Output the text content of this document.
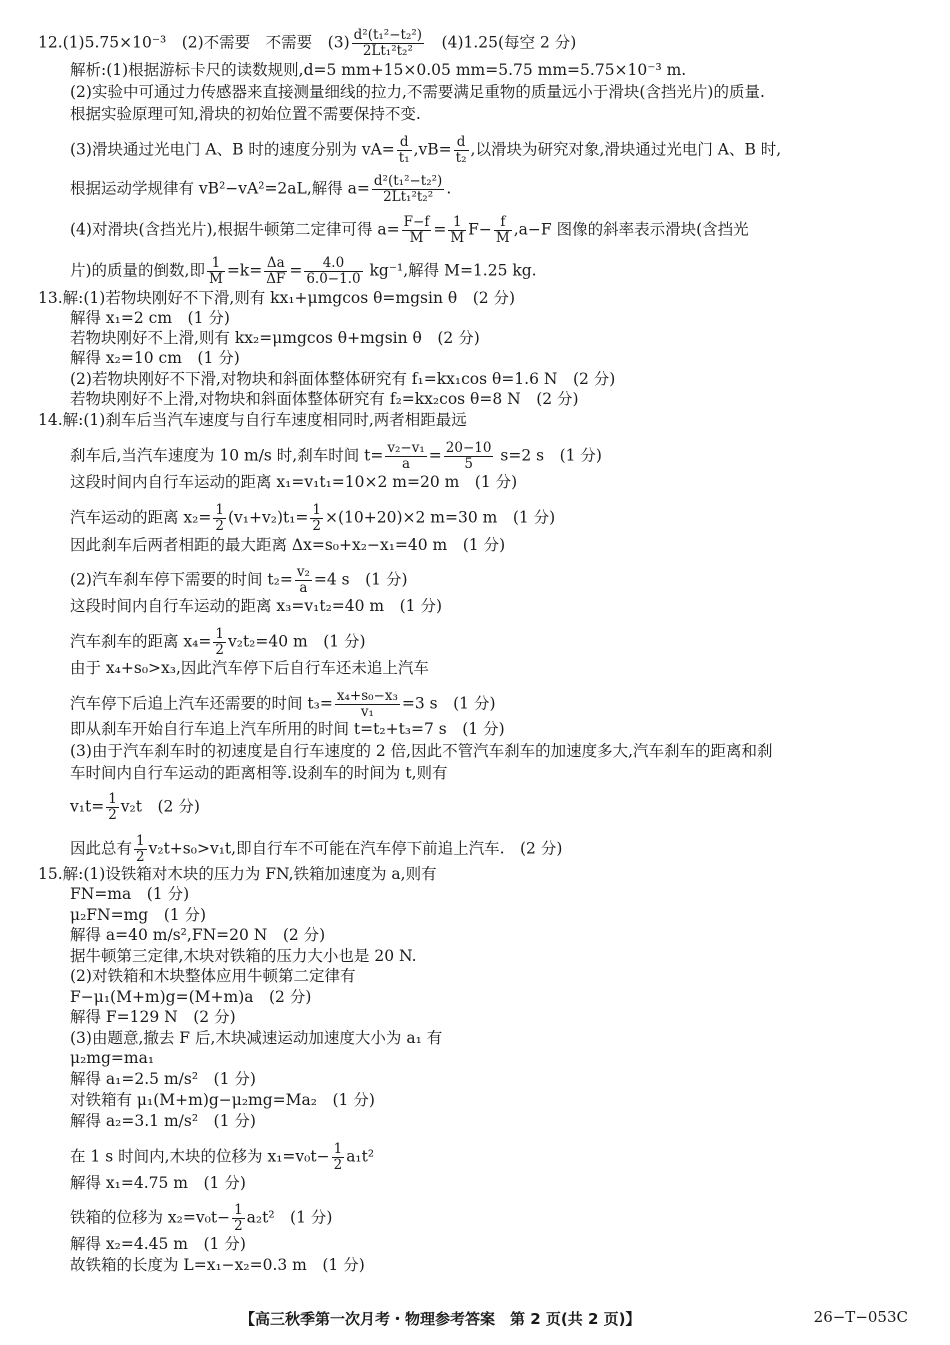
12.(1)5.75×10⁻³　(2)不需要　不需要　$(3) \frac{\text{d²(t₁²−t₂²)}}{\text{2Lt₁²t₂²}}$ 　(4)1.25(每空 2 分)
解析:(1)根据游标卡尺的读数规则,d=5 mm+15×0.05 mm=5.75 mm=5.75×10⁻³ m.
(2)实验中可通过力传感器来直接测量细线的拉力,不需要满足重物的质量远小于滑块(含挡光片)的质量.
根据实验原理可知,滑块的初始位置不需要保持不变.
(3)滑块通过光电门 A、B 时的速度分别为 $vA= \frac{d}{\text{t₁}} ,vB= \frac{d}{\text{t₂}}$ ,以滑块为研究对象,滑块通过光电门 A、B 时,
根据运动学规律有 vB²−vA²=2aL,解得 $a= \frac{\text{d²(t₁²−t₂²)}}{\text{2Lt₁²t₂²}}$ .
(4)对滑块(含挡光片),根据牛顿第二定律可得 $a= \frac{F-f}{M} = \frac{1}{M} F- \frac{f}{M} ,a-F$ 图像的斜率表示滑块(含挡光
片)的质量的倒数,即 $\frac{1}{M} =k= \frac{\Delta a}{\Delta F} = \frac{4.0}{6.0-1.0} kg^{-1}$,解得 M=1.25 kg.
13.解:(1)若物块刚好不下滑,则有 kx₁+μmgcos θ=mgsin θ　(2 分)
解得 x₁=2 cm　(1 分)
若物块刚好不上滑,则有 kx₂=μmgcos θ+mgsin θ　(2 分)
解得 x₂=10 cm　(1 分)
(2)若物块刚好不下滑,对物块和斜面体整体研究有 f₁=kx₁cos θ=1.6 N　(2 分)
若物块刚好不上滑,对物块和斜面体整体研究有 f₂=kx₂cos θ=8 N　(2 分)
14.解:(1)刹车后当汽车速度与自行车速度相同时,两者相距最远
刹车后,当汽车速度为 10 m/s 时,刹车时间 $t= \frac{\text{v₂−v₁}}{a} = \frac{20-10}{5} s=2$ s　(1 分)
这段时间内自行车运动的距离 x₁=v₁t₁=10×2 m=20 m　(1 分)
汽车运动的距离 $x_2= \frac{1}{2} (v_1+v_2)t_1= \frac{1}{2} \times(10+20)\times 2$ m=30 m　(1 分)
因此刹车后两者相距的最大距离 Δx=s₀+x₂−x₁=40 m　(1 分)
(2)汽车刹车停下需要的时间 $t_2= \frac{\text{v₂}}{a} =4$ s　(1 分)
这段时间内自行车运动的距离 x₃=v₁t₂=40 m　(1 分)
汽车刹车的距离 $x_4= \frac{1}{2} v_2t_2=40$ m　(1 分)
由于 x₄+s₀>x₃,因此汽车停下后自行车还未追上汽车
汽车停下后追上汽车还需要的时间 $t_3= \frac{\text{x₄+s₀−x₃}}{\text{v₁}} =3$ s　(1 分)
即从刹车开始自行车追上汽车所用的时间 t=t₂+t₃=7 s　(1 分)
(3)由于汽车刹车时的初速度是自行车速度的 2 倍,因此不管汽车刹车的加速度多大,汽车刹车的距离和刹
车时间内自行车运动的距离相等.设刹车的时间为 t,则有
$v_1t= \frac{1}{2} v_2t$　(2 分)
因此总有 $\frac{1}{2} v_2t+s_0>v_1t$,即自行车不可能在汽车停下前追上汽车.　(2 分)
15.解:(1)设铁箱对木块的压力为 FN,铁箱加速度为 a,则有
FN=ma　(1 分)
μ₂FN=mg　(1 分)
解得 a=40 m/s²,FN=20 N　(2 分)
据牛顿第三定律,木块对铁箱的压力大小也是 20 N.
(2)对铁箱和木块整体应用牛顿第二定律有
F−μ₁(M+m)g=(M+m)a　(2 分)
解得 F=129 N　(2 分)
(3)由题意,撤去 F 后,木块减速运动加速度大小为 a₁ 有
μ₂mg=ma₁
解得 a₁=2.5 m/s²　(1 分)
对铁箱有 μ₁(M+m)g−μ₂mg=Ma₂　(1 分)
解得 a₂=3.1 m/s²　(1 分)
在 1 s 时间内,木块的位移为 $x_1=v_0t- \frac{1}{2} a_1t^2$
解得 x₁=4.75 m　(1 分)
铁箱的位移为 $x_2=v_0t- \frac{1}{2} a_2t^2$　(1 分)
解得 x₂=4.45 m　(1 分)
故铁箱的长度为 L=x₁−x₂=0.3 m　(1 分)
【高三秋季第一次月考・物理参考答案　第 2 页(共 2 页)】	26−T−053C
